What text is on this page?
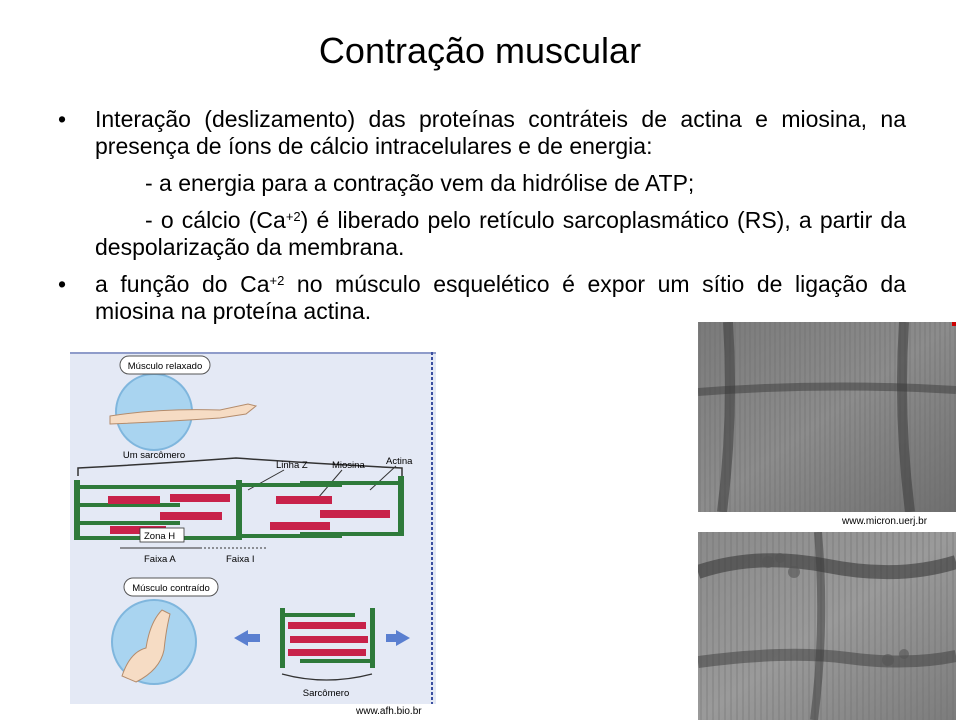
Contração muscular
• Interação (deslizamento) das proteínas contráteis de actina e miosina, na presença de íons de cálcio intracelulares e de energia:
- a energia para a contração vem da hidrólise de ATP;
- o cálcio $(Ca^{+2})$ é liberado pelo retículo sarcoplasmático (RS), a partir da despolarização da membrana.
• a função do $Ca^{+2}$ no músculo esquelético é expor um sítio de ligação da miosina na proteína actina.
Músculo relaxado
Um sarcômero
Linha Z	Miosina Actina
Zona H
Faixa A	Faixa I
Músculo contraído
Sarcômero
www.afh.bio.br
www.micron.uerj.br
